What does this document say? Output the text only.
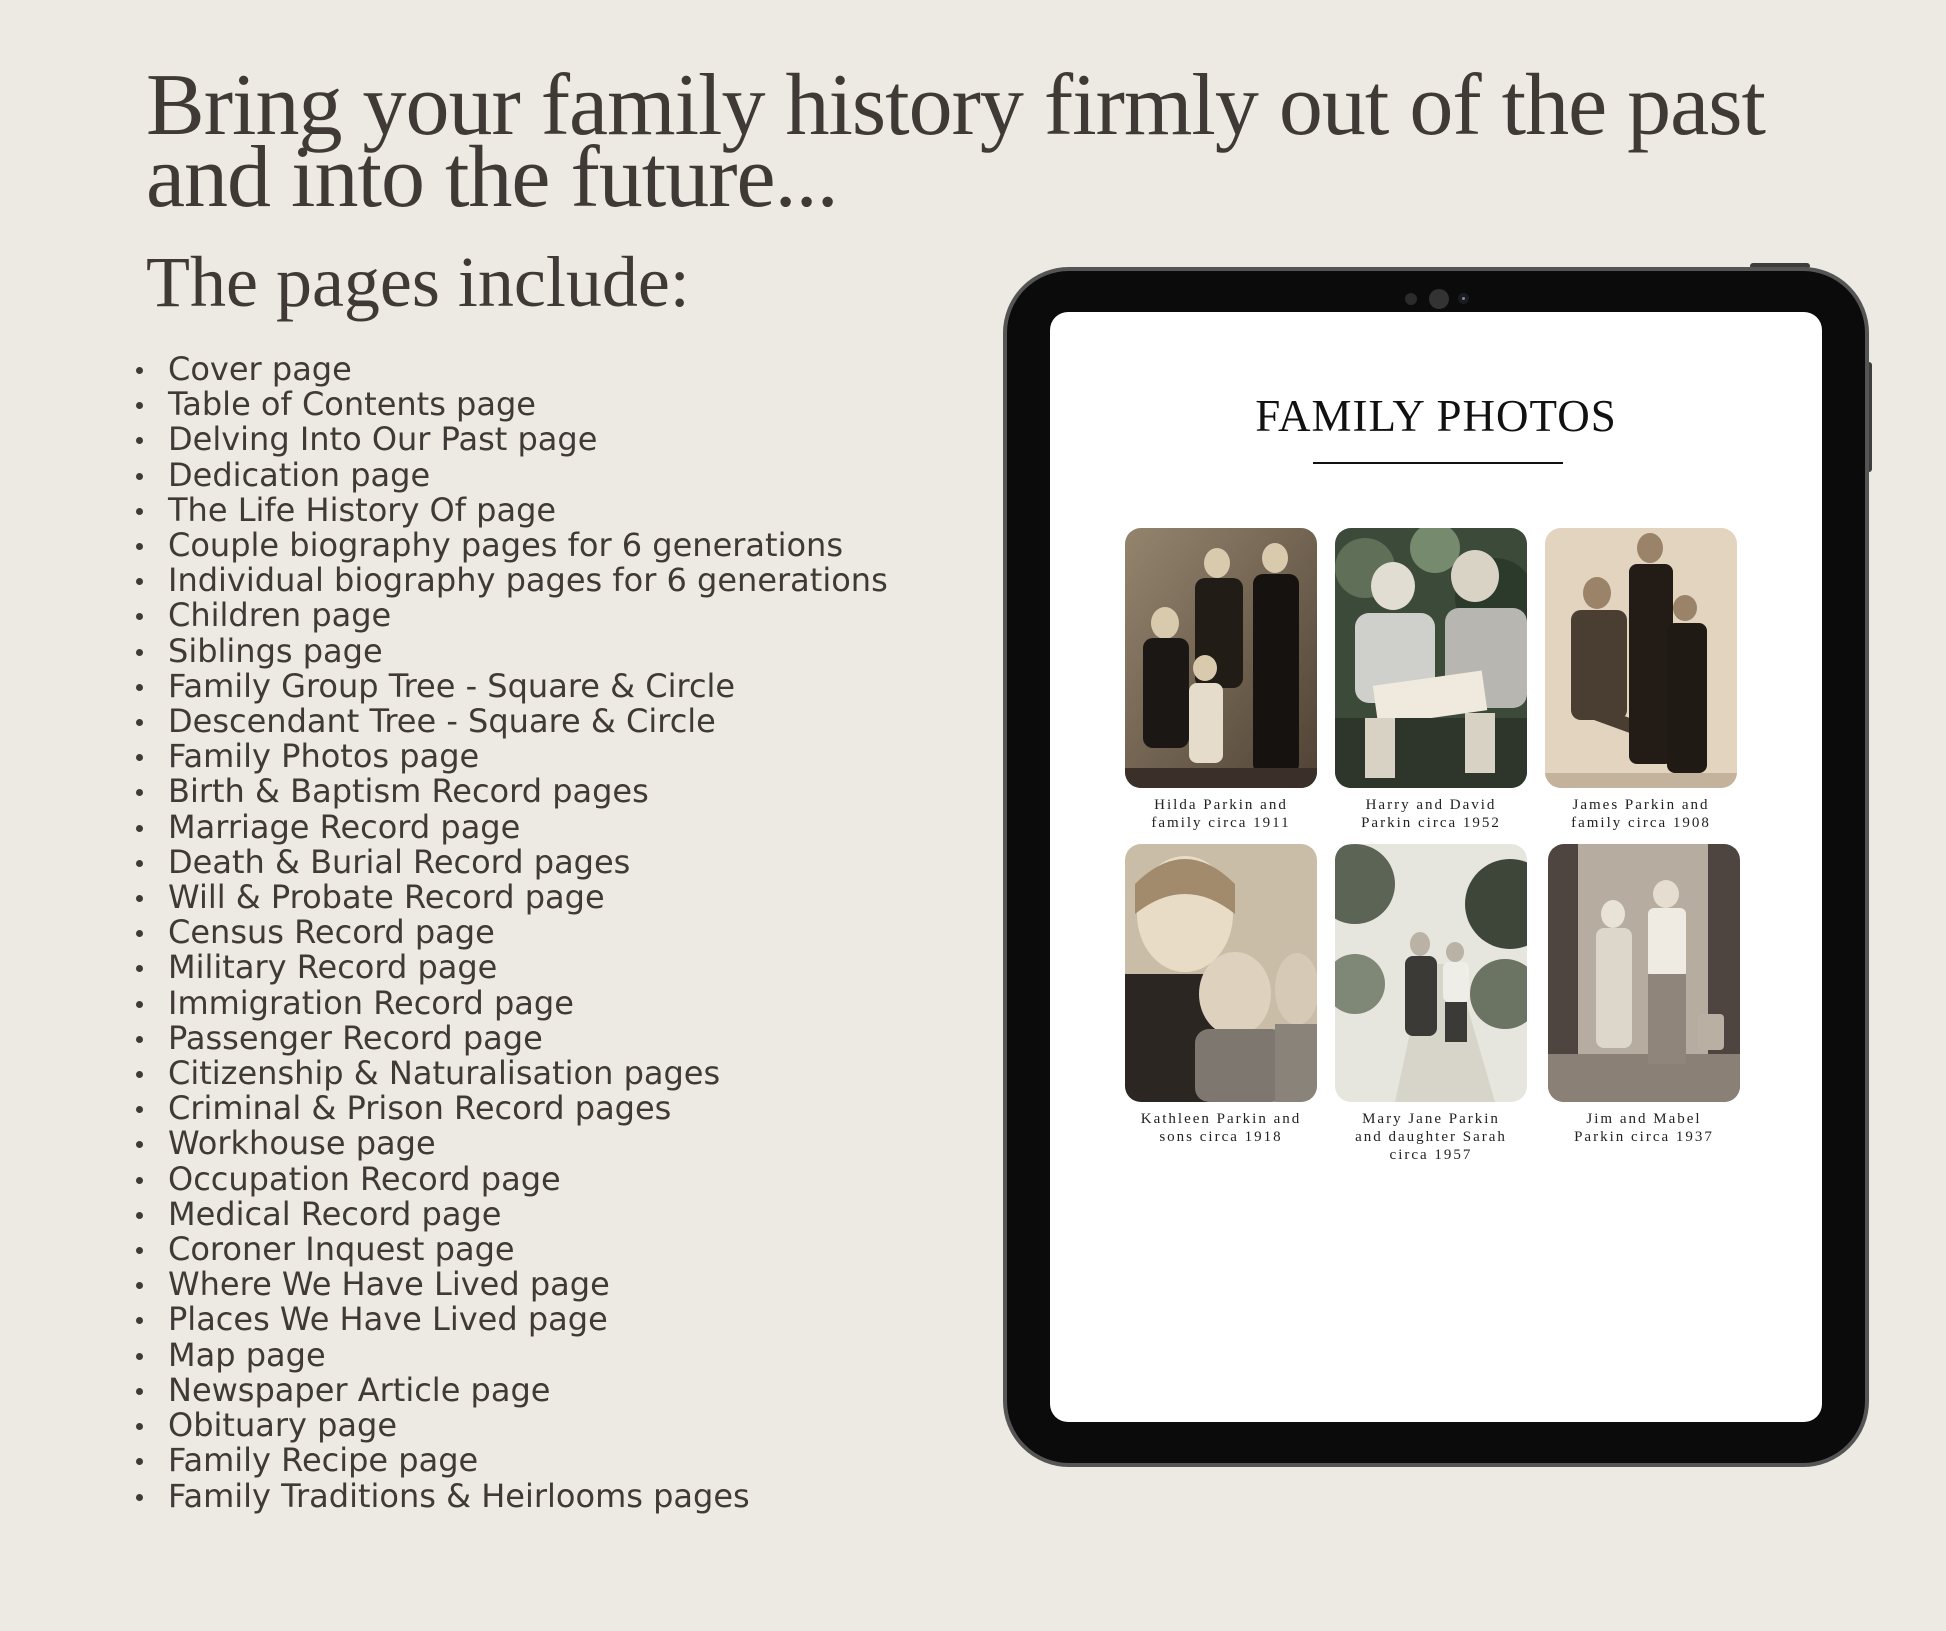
Bring your family history firmly out of the past and into the future...
The pages include:
Cover page
Table of Contents page
Delving Into Our Past page
Dedication page
The Life History Of page
Couple biography pages for 6 generations
Individual biography pages for 6 generations
Children page
Siblings page
Family Group Tree - Square & Circle
Descendant Tree - Square & Circle
Family Photos page
Birth & Baptism Record pages
Marriage Record page
Death & Burial Record pages
Will & Probate Record page
Census Record page
Military Record page
Immigration Record page
Passenger Record page
Citizenship & Naturalisation pages
Criminal & Prison Record pages
Workhouse page
Occupation Record page
Medical Record page
Coroner Inquest page
Where We Have Lived page
Places We Have Lived page
Map page
Newspaper Article page
Obituary page
Family Recipe page
Family Traditions & Heirlooms pages
FAMILY PHOTOS
Hilda Parkin and
family circa 1911
Harry and David
Parkin circa 1952
James Parkin and
family circa 1908
Kathleen Parkin and
sons circa 1918
Mary Jane Parkin
and daughter Sarah
circa 1957
Jim and Mabel
Parkin circa 1937
